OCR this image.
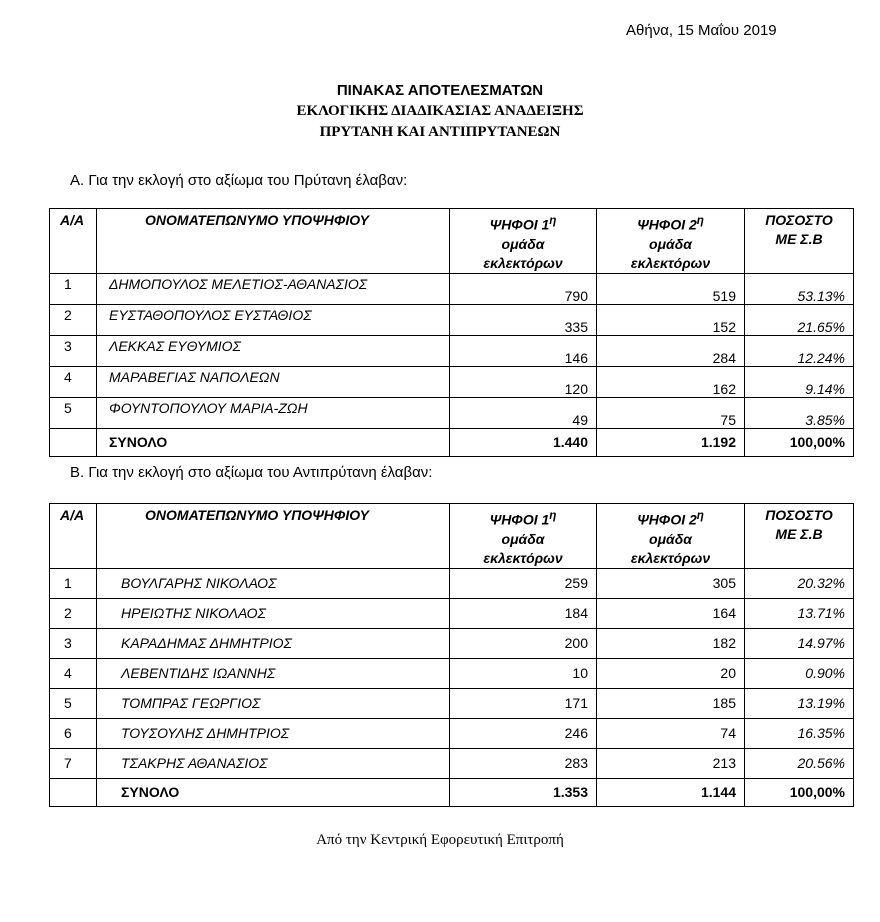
Αθήνα, 15 Μαΐου 2019
ΠΙΝΑΚΑΣ ΑΠΟΤΕΛΕΣΜΑΤΩΝ
ΕΚΛΟΓΙΚΗΣ ΔΙΑΔΙΚΑΣΙΑΣ ΑΝΑΔΕΙΞΗΣ
ΠΡΥΤΑΝΗ ΚΑΙ ΑΝΤΙΠΡΥΤΑΝΕΩΝ
Α. Για την εκλογή στο αξίωμα του Πρύτανη έλαβαν:
Α/Α	ΟΝΟΜΑΤΕΠΩΝΥΜΟ ΥΠΟΨΗΦΙΟΥ	ΨΗΦΟΙ $1^\eta$
ομάδα
εκλεκτόρων	ΨΗΦΟΙ $2^\eta$
ομάδα
εκλεκτόρων	ΠΟΣΟΣΤΟ
ΜΕ Σ.Β
1	ΔΗΜΟΠΟΥΛΟΣ ΜΕΛΕΤΙΟΣ-ΑΘΑΝΑΣΙΟΣ	790	519	53.13%
2	ΕΥΣΤΑΘΟΠΟΥΛΟΣ ΕΥΣΤΑΘΙΟΣ	335	152	21.65%
3	ΛΕΚΚΑΣ ΕΥΘΥΜΙΟΣ	146	284	12.24%
4	ΜΑΡΑΒΕΓΙΑΣ ΝΑΠΟΛΕΩΝ	120	162	9.14%
5	ΦΟΥΝΤΟΠΟΥΛΟΥ ΜΑΡΙΑ-ΖΩΗ	49	75	3.85%
	ΣΥΝΟΛΟ	1.440	1.192	100,00%
Β. Για την εκλογή στο αξίωμα του Αντιπρύτανη έλαβαν:
Α/Α	ΟΝΟΜΑΤΕΠΩΝΥΜΟ ΥΠΟΨΗΦΙΟΥ	ΨΗΦΟΙ $1^\eta$
ομάδα
εκλεκτόρων	ΨΗΦΟΙ $2^\eta$
ομάδα
εκλεκτόρων	ΠΟΣΟΣΤΟ
ΜΕ Σ.Β
1	ΒΟΥΛΓΑΡΗΣ ΝΙΚΟΛΑΟΣ	259	305	20.32%
2	ΗΡΕΙΩΤΗΣ ΝΙΚΟΛΑΟΣ	184	164	13.71%
3	ΚΑΡΑΔΗΜΑΣ ΔΗΜΗΤΡΙΟΣ	200	182	14.97%
4	ΛΕΒΕΝΤΙΔΗΣ ΙΩΑΝΝΗΣ	10	20	0.90%
5	ΤΟΜΠΡΑΣ ΓΕΩΡΓΙΟΣ	171	185	13.19%
6	ΤΟΥΣΟΥΛΗΣ ΔΗΜΗΤΡΙΟΣ	246	74	16.35%
7	ΤΣΑΚΡΗΣ ΑΘΑΝΑΣΙΟΣ	283	213	20.56%
	ΣΥΝΟΛΟ	1.353	1.144	100,00%
Από την Κεντρική Εφορευτική Επιτροπή
